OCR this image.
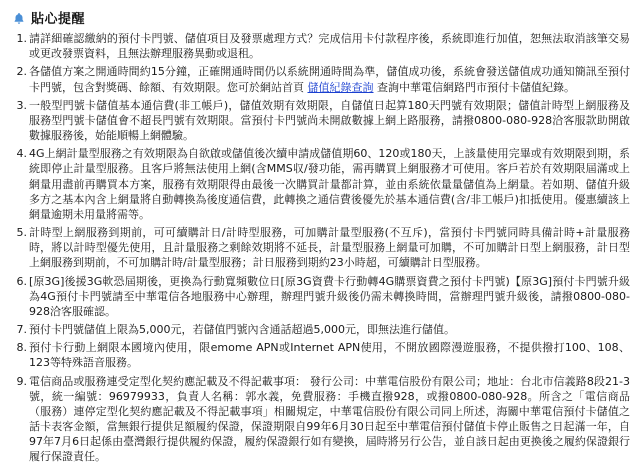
貼心提醒
1. 請詳細確認繳納的預付卡門號、儲值項目及發票處理方式？完成信用卡付款程序後，系統即進行加值，恕無法取消該筆交易或更改發票資料，且無法辦理服務異動或退租。
2. 各儲值方案之開通時間約15分鐘，正確開通時間仍以系統開通時間為準，儲值成功後，系統會發送儲值成功通知簡訊至預付卡門號，包含對獎碼、餘額、有效期限。您可於網站首頁 儲值紀錄查詢 查詢中華電信網路門市預付卡儲值紀錄。
3. 一般型門號卡儲值基本通信費(非工帳戶)，儲值效期有效期限，自儲值日起算180天門號有效期限；儲值計時型上網服務及服務型門號卡儲值會不超長門號有效期限。當預付卡門號尚未開啟數據上網上路服務，請撥0800-080-928洽客服款助開啟數據服務後，始能順暢上網體驗。
4. 4G上網計量型服務之有效期限為自欲啟或儲值後次續申請成儲值期60、120或180天，上該量使用完畢或有效期限到期，系統即停止計量型服務。且客戶將無法使用上網(含MMS収/發功能，需再購買上網服務才可使用。客戶若於有效期限屆滿或上網量用盡前再購買本方案，服務有效期限得由最後一次購買計量都計算，並由系統依量量儲值為上網量。若如期、儲值升級多方之基本內含上網量將自動轉換為後度通信費，此轉換之通信費後優先於基本通信費(含/非工帳戶)扣抵使用。優惠續該上網量逾期未用量將需等。
5. 計時型上網服務到期前，可可續購計日/計時型服務，可加購計量型服務(不互斥)，當預付卡門號同時具備計時+計量服務時，將以計時型優先使用，且計量服務之剩餘效期將不延長，計量型服務上網量可加購，不可加購計日型上網服務，計日型上網服務到期前，不可加購計時/計量型服務；計日服務到期約23小時超，可續購計日型服務。
6. [原3G]後援3G軟恐屆期後，更換為行動寬頻數位日[原3G資費卡行動轉4G購票資費之預付卡門號)【原3G]預付卡門號升級為4G預付卡門號請至中華電信各地服務中心辦理，辦理門號升級後仍需未轉換時間，當辦理門號升級後，請撥0800-080-928洽客服確認。
7. 預付卡門號儲值上限為5,000元，若儲值門號內含通話超過5,000元，即無法進行儲值。
8. 預付卡行動上網限本國境內使用，限emome APN或Internet APN使用，不開放國際漫遊服務，不提供撥打100、108、123等特殊語音服務。
9. 電信商品或服務連受定型化契約應記載及不得記載事項： 發行公司：中華電信股份有限公司；地址：台北市信義路8段21-3號，統一編號：96979933，負責人名稱：郭水義，免費服務：手機直撥928，或撥0800-080-928。所含之「電信商品（服務）連停定型化契約應記載及不得記載事項」相關規定，中華電信股份有限公司同上所述，海關中華電信預付卡儲值之話卡表客金額，當無銀行提供足額履約保證，保證期限自99年6月30日起至中華電信預付儲值卡停止販售之日起滿一年，自97年7月6日起係由臺灣銀行提供履約保證，履約保證銀行如有變換，屆時將另行公告，並自該日起由更換後之履約保證銀行履行保證責任。
